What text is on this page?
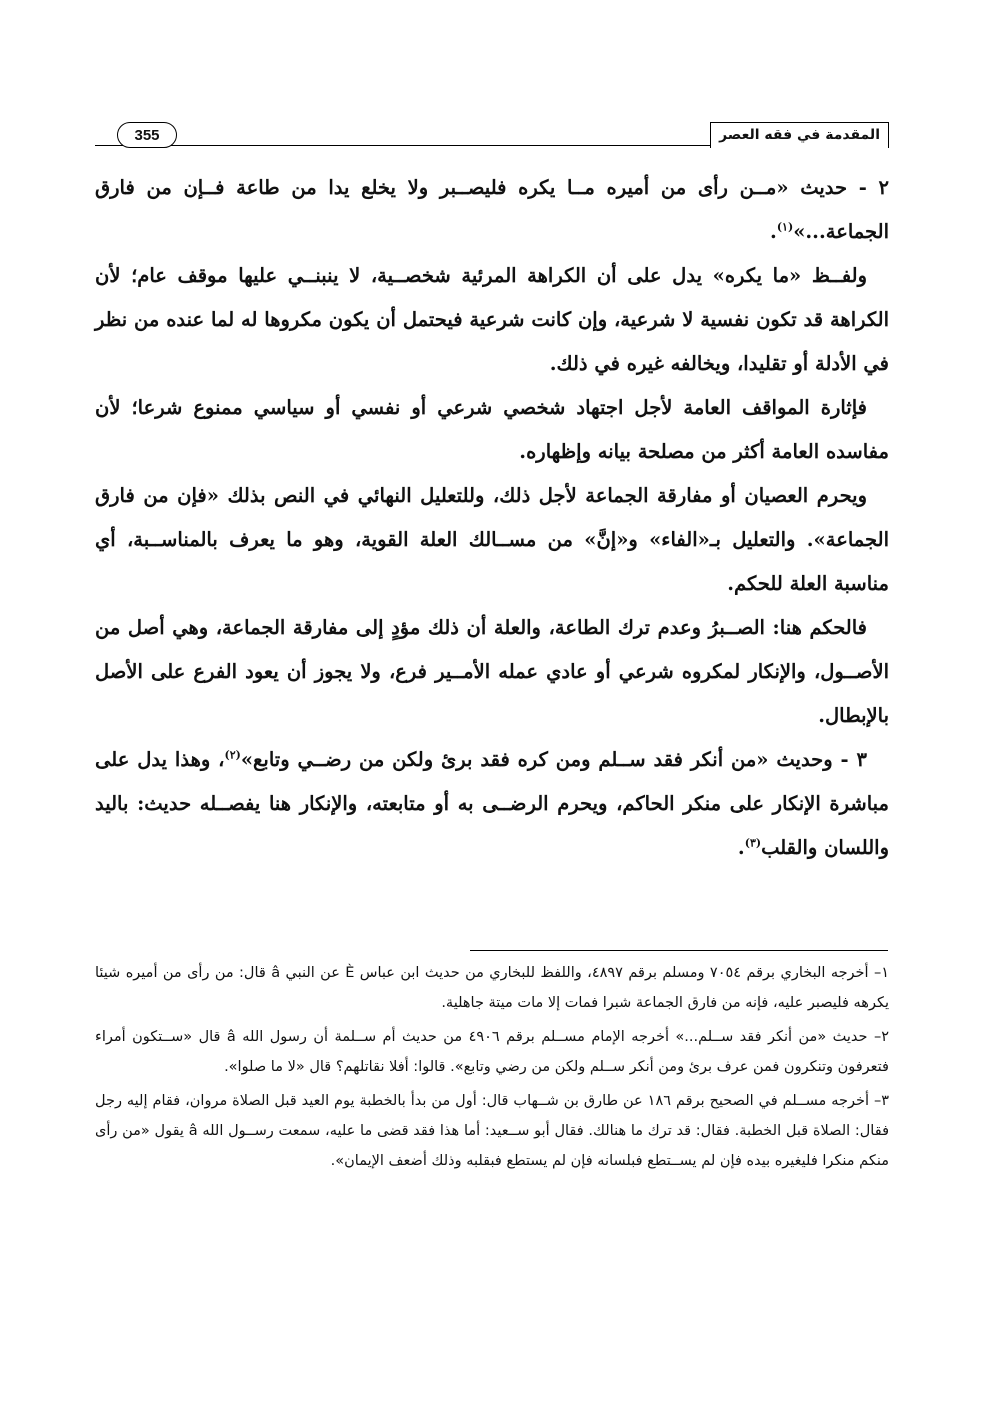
355	المقدمة في فقه العصر

٢ - حديث «مــن رأى من أميره مــا يكره فليصــبر ولا يخلع يدا من طاعة فــإن من فارق الجماعة...»$^{(١)}$.

ولفــظ «ما يكره» يدل على أن الكراهة المرئية شخصــية، لا ينبنــي عليها موقف عام؛ لأن الكراهة قد تكون نفسية لا شرعية، وإن كانت شرعية فيحتمل أن يكون مكروها له لما عنده من نظر في الأدلة أو تقليدا، ويخالفه غيره في ذلك.

فإثارة المواقف العامة لأجل اجتهاد شخصي شرعي أو نفسي أو سياسي ممنوع شرعا؛ لأن مفاسده العامة أكثر من مصلحة بيانه وإظهاره.

ويحرم العصيان أو مفارقة الجماعة لأجل ذلك، وللتعليل النهائي في النص بذلك «فإن من فارق الجماعة». والتعليل بـ«الفاء» و«إنَّ» من مســالك العلة القوية، وهو ما يعرف بالمناســبة، أي مناسبة العلة للحكم.

فالحكم هنا: الصــبرُ وعدم ترك الطاعة، والعلة أن ذلك مؤدٍ إلى مفارقة الجماعة، وهي أصل من الأصــول، والإنكار لمكروه شرعي أو عادي عمله الأمــير فرع، ولا يجوز أن يعود الفرع على الأصل بالإبطال.

٣ - وحديث «من أنكر فقد ســلم ومن كره فقد برئ ولكن من رضــي وتابع»$^{(٢)}$، وهذا يدل على مباشرة الإنكار على منكر الحاكم، ويحرم الرضــى به أو متابعته، والإنكار هنا يفصــله حديث: باليد واللسان والقلب$^{(٣)}$.

١– أخرجه البخاري برقم ٧٠٥٤ ومسلم برقم ٤٨٩٧، واللفظ للبخاري من حديث ابن عباس È عن النبي â قال: من رأى من أميره شيئا يكرهه فليصبر عليه، فإنه من فارق الجماعة شبرا فمات إلا مات ميتة جاهلية.

٢– حديث «من أنكر فقد ســلم...» أخرجه الإمام مســلم برقم ٤٩٠٦ من حديث أم ســلمة أن رسول الله â قال «ســتكون أمراء فتعرفون وتنكرون فمن عرف برئ ومن أنكر ســلم ولكن من رضي وتابع». قالوا: أفلا نقاتلهم؟ قال «لا ما صلوا».

٣– أخرجه مســلم في الصحيح برقم ١٨٦ عن طارق بن شــهاب قال: أول من بدأ بالخطبة يوم العيد قبل الصلاة مروان، فقام إليه رجل فقال: الصلاة قبل الخطبة. فقال: قد ترك ما هنالك. فقال أبو ســعيد: أما هذا فقد قضى ما عليه، سمعت رســول الله â يقول «من رأى منكم منكرا فليغيره بيده فإن لم يســتطع فبلسانه فإن لم يستطع فبقلبه وذلك أضعف الإيمان».
